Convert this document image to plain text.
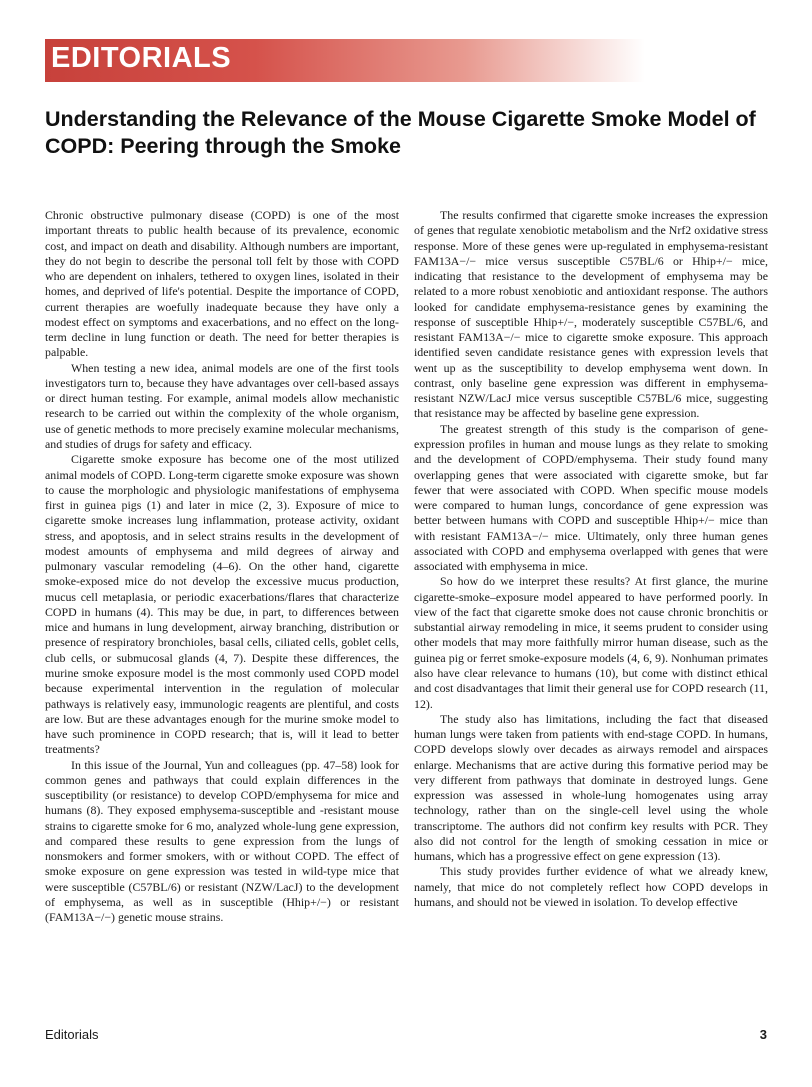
EDITORIALS
Understanding the Relevance of the Mouse Cigarette Smoke Model of COPD: Peering through the Smoke

Chronic obstructive pulmonary disease (COPD) is one of the most important threats to public health because of its prevalence, economic cost, and impact on death and disability. Although numbers are important, they do not begin to describe the personal toll felt by those with COPD who are dependent on inhalers, tethered to oxygen lines, isolated in their homes, and deprived of life's potential. Despite the importance of COPD, current therapies are woefully inadequate because they have only a modest effect on symptoms and exacerbations, and no effect on the long-term decline in lung function or death. The need for better therapies is palpable.

When testing a new idea, animal models are one of the first tools investigators turn to, because they have advantages over cell-based assays or direct human testing. For example, animal models allow mechanistic research to be carried out within the complexity of the whole organism, use of genetic methods to more precisely examine molecular mechanisms, and studies of drugs for safety and efficacy.

Cigarette smoke exposure has become one of the most utilized animal models of COPD. Long-term cigarette smoke exposure was shown to cause the morphologic and physiologic manifestations of emphysema first in guinea pigs (1) and later in mice (2, 3). Exposure of mice to cigarette smoke increases lung inflammation, protease activity, oxidant stress, and apoptosis, and in select strains results in the development of modest amounts of emphysema and mild degrees of airway and pulmonary vascular remodeling (4–6). On the other hand, cigarette smoke-exposed mice do not develop the excessive mucus production, mucus cell metaplasia, or periodic exacerbations/flares that characterize COPD in humans (4). This may be due, in part, to differences between mice and humans in lung development, airway branching, distribution or presence of respiratory bronchioles, basal cells, ciliated cells, goblet cells, club cells, or submucosal glands (4, 7). Despite these differences, the murine smoke exposure model is the most commonly used COPD model because experimental intervention in the regulation of molecular pathways is relatively easy, immunologic reagents are plentiful, and costs are low. But are these advantages enough for the murine smoke model to have such prominence in COPD research; that is, will it lead to better treatments?

In this issue of the Journal, Yun and colleagues (pp. 47–58) look for common genes and pathways that could explain differences in the susceptibility (or resistance) to develop COPD/emphysema for mice and humans (8). They exposed emphysema-susceptible and -resistant mouse strains to cigarette smoke for 6 mo, analyzed whole-lung gene expression, and compared these results to gene expression from the lungs of nonsmokers and former smokers, with or without COPD. The effect of smoke exposure on gene expression was tested in wild-type mice that were susceptible (C57BL/6) or resistant (NZW/LacJ) to the development of emphysema, as well as in susceptible (Hhip+/−) or resistant (FAM13A−/−) genetic mouse strains.

The results confirmed that cigarette smoke increases the expression of genes that regulate xenobiotic metabolism and the Nrf2 oxidative stress response. More of these genes were up-regulated in emphysema-resistant FAM13A−/− mice versus susceptible C57BL/6 or Hhip+/− mice, indicating that resistance to the development of emphysema may be related to a more robust xenobiotic and antioxidant response. The authors looked for candidate emphysema-resistance genes by examining the response of susceptible Hhip+/−, moderately susceptible C57BL/6, and resistant FAM13A−/− mice to cigarette smoke exposure. This approach identified seven candidate resistance genes with expression levels that went up as the susceptibility to develop emphysema went down. In contrast, only baseline gene expression was different in emphysema-resistant NZW/LacJ mice versus susceptible C57BL/6 mice, suggesting that resistance may be affected by baseline gene expression.

The greatest strength of this study is the comparison of gene-expression profiles in human and mouse lungs as they relate to smoking and the development of COPD/emphysema. Their study found many overlapping genes that were associated with cigarette smoke, but far fewer that were associated with COPD. When specific mouse models were compared to human lungs, concordance of gene expression was better between humans with COPD and susceptible Hhip+/− mice than with resistant FAM13A−/− mice. Ultimately, only three human genes associated with COPD and emphysema overlapped with genes that were associated with emphysema in mice.

So how do we interpret these results? At first glance, the murine cigarette-smoke–exposure model appeared to have performed poorly. In view of the fact that cigarette smoke does not cause chronic bronchitis or substantial airway remodeling in mice, it seems prudent to consider using other models that may more faithfully mirror human disease, such as the guinea pig or ferret smoke-exposure models (4, 6, 9). Nonhuman primates also have clear relevance to humans (10), but come with distinct ethical and cost disadvantages that limit their general use for COPD research (11, 12).

The study also has limitations, including the fact that diseased human lungs were taken from patients with end-stage COPD. In humans, COPD develops slowly over decades as airways remodel and airspaces enlarge. Mechanisms that are active during this formative period may be very different from pathways that dominate in destroyed lungs. Gene expression was assessed in whole-lung homogenates using array technology, rather than on the single-cell level using the whole transcriptome. The authors did not confirm key results with PCR. They also did not control for the length of smoking cessation in mice or humans, which has a progressive effect on gene expression (13).

This study provides further evidence of what we already knew, namely, that mice do not completely reflect how COPD develops in humans, and should not be viewed in isolation. To develop effective

Editorials	3
